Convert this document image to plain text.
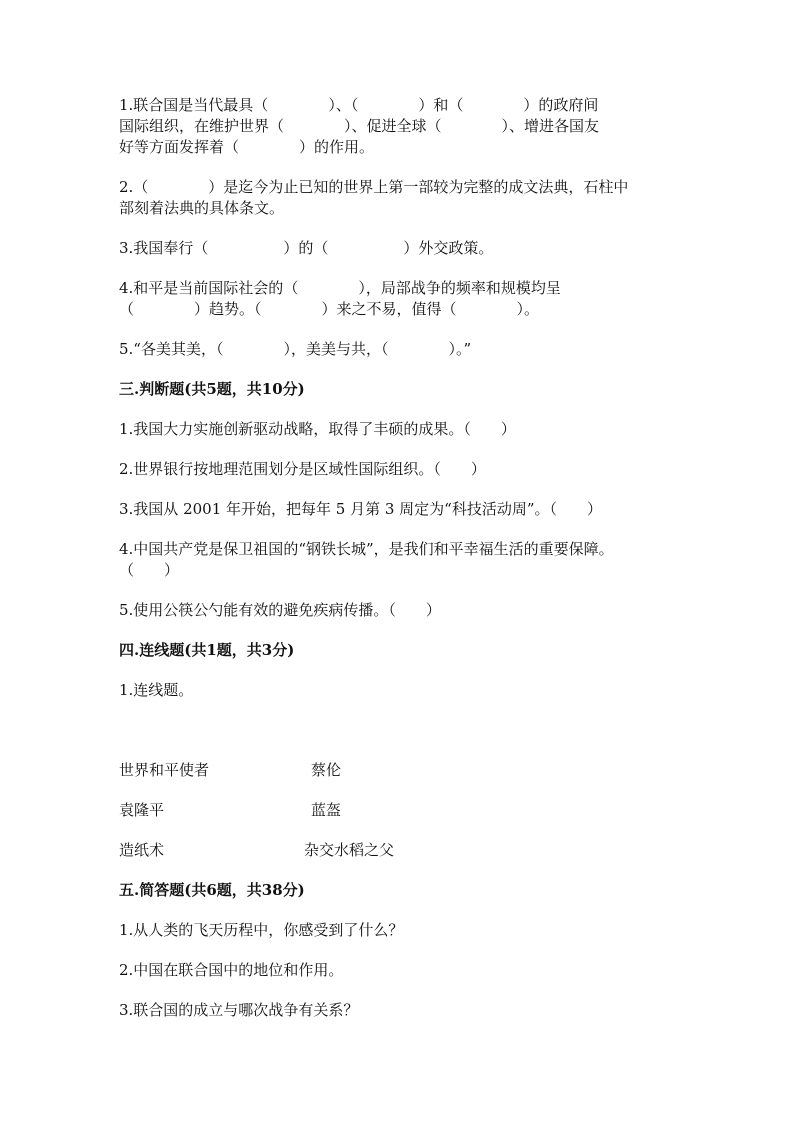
1.联合国是当代最具（　　　　）、（　　　　）和（　　　　）的政府间

国际组织，在维护世界（　　　　）、促进全球（　　　　）、增进各国友

好等方面发挥着（　　　　）的作用。

2.（　　　　）是迄今为止已知的世界上第一部较为完整的成文法典，石柱中

部刻着法典的具体条文。

3.我国奉行（　　　　　）的（　　　　　）外交政策。

4.和平是当前国际社会的（　　　　），局部战争的频率和规模均呈

（　　　　）趋势。（　　　　）来之不易，值得（　　　　）。

5.“各美其美，（　　　　），美美与共，（　　　　）。”

三.判断题(共5题，共10分)

1.我国大力实施创新驱动战略，取得了丰硕的成果。（　　）

2.世界银行按地理范围划分是区域性国际组织。（　　）

3.我国从 2001 年开始，把每年 5 月第 3 周定为“科技活动周”。（　　）

4.中国共产党是保卫祖国的“钢铁长城”，是我们和平幸福生活的重要保障。

（　　）

5.使用公筷公勺能有效的避免疾病传播。（　　）

四.连线题(共1题，共3分)

1.连线题。

世界和平使者	蔡伦
袁隆平	蓝盔
造纸术	杂交水稻之父

五.简答题(共6题，共38分)

1.从人类的飞天历程中，你感受到了什么？

2.中国在联合国中的地位和作用。

3.联合国的成立与哪次战争有关系？
